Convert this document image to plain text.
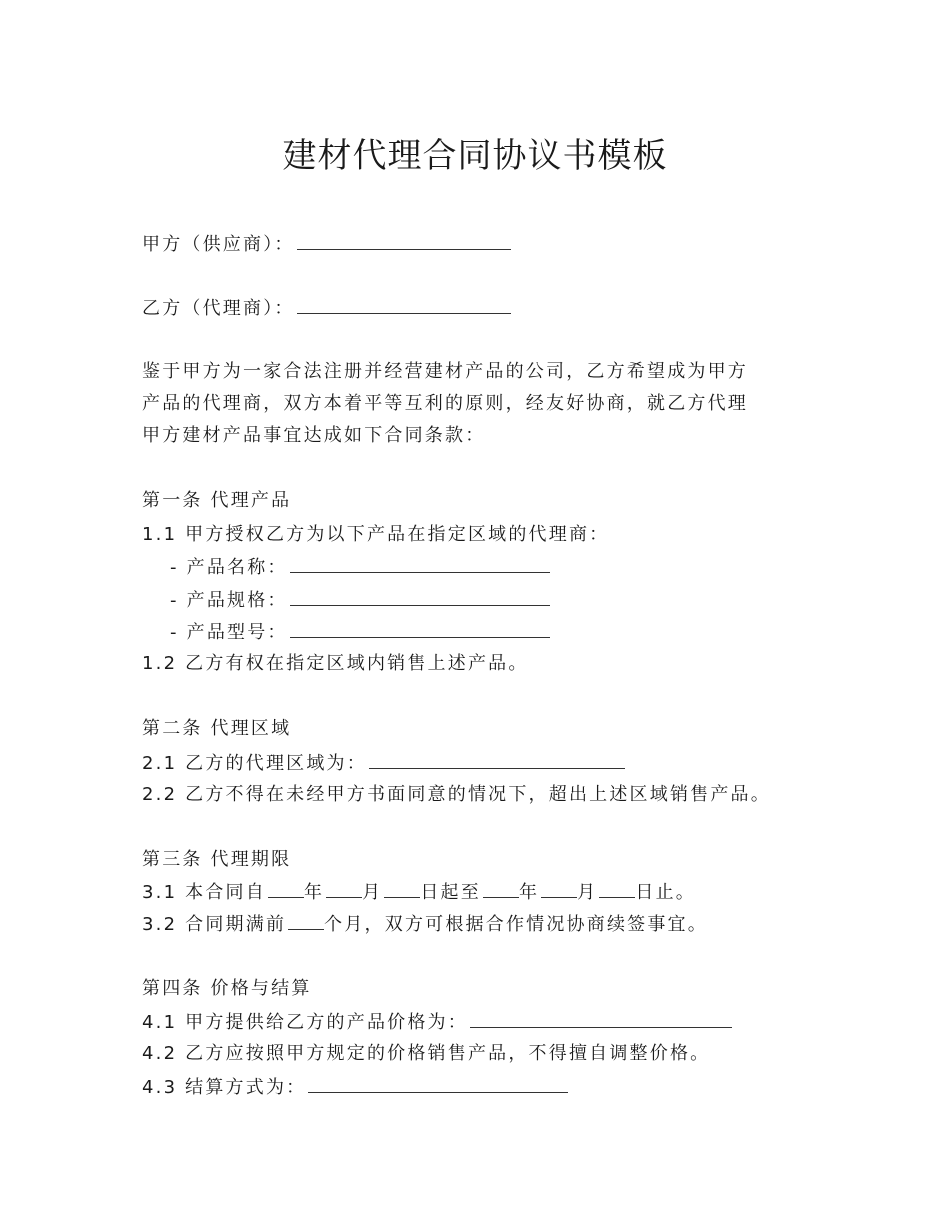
建材代理合同协议书模板
甲方（供应商）：
乙方（代理商）：
鉴于甲方为一家合法注册并经营建材产品的公司，乙方希望成为甲方
产品的代理商，双方本着平等互利的原则，经友好协商，就乙方代理
甲方建材产品事宜达成如下合同条款：
第一条 代理产品
1.1 甲方授权乙方为以下产品在指定区域的代理商：
- 产品名称：
- 产品规格：
- 产品型号：
1.2 乙方有权在指定区域内销售上述产品。
第二条 代理区域
2.1 乙方的代理区域为：
2.2 乙方不得在未经甲方书面同意的情况下，超出上述区域销售产品。
第三条 代理期限
3.1 本合同自 年 月 日起至 年 月 日止。
3.2 合同期满前 个月，双方可根据合作情况协商续签事宜。
第四条 价格与结算
4.1 甲方提供给乙方的产品价格为：
4.2 乙方应按照甲方规定的价格销售产品，不得擅自调整价格。
4.3 结算方式为：
